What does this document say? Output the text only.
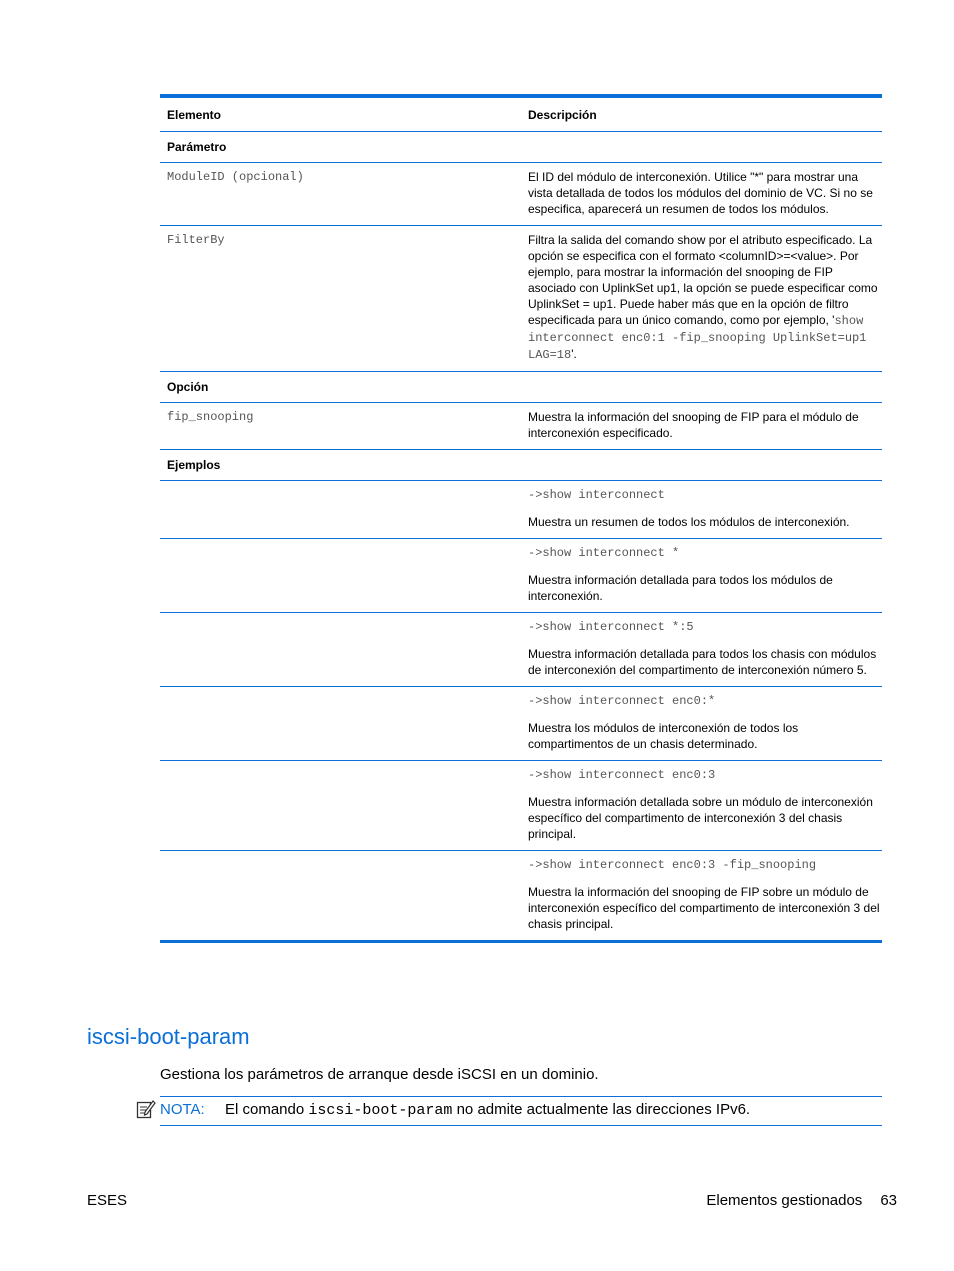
Elemento	Descripción
Parámetro
ModuleID (opcional)	El ID del módulo de interconexión. Utilice "*" para mostrar una vista detallada de todos los módulos del dominio de VC. Si no se especifica, aparecerá un resumen de todos los módulos.
FilterBy	Filtra la salida del comando show por el atributo especificado. La opción se especifica con el formato <columnID>=<value>. Por ejemplo, para mostrar la información del snooping de FIP asociado con UplinkSet up1, la opción se puede especificar como UplinkSet = up1. Puede haber más que en la opción de filtro especificada para un único comando, como por ejemplo, 'show interconnect enc0:1 -fip_snooping UplinkSet=up1 LAG=18'.
Opción
fip_snooping	Muestra la información del snooping de FIP para el módulo de interconexión especificado.
Ejemplos
->show interconnect
Muestra un resumen de todos los módulos de interconexión.
->show interconnect *
Muestra información detallada para todos los módulos de interconexión.
->show interconnect *:5
Muestra información detallada para todos los chasis con módulos de interconexión del compartimento de interconexión número 5.
->show interconnect enc0:*
Muestra los módulos de interconexión de todos los compartimentos de un chasis determinado.
->show interconnect enc0:3
Muestra información detallada sobre un módulo de interconexión específico del compartimento de interconexión 3 del chasis principal.
->show interconnect enc0:3 -fip_snooping
Muestra la información del snooping de FIP sobre un módulo de interconexión específico del compartimento de interconexión 3 del chasis principal.
iscsi-boot-param
Gestiona los parámetros de arranque desde iSCSI en un dominio.
NOTA: El comando iscsi-boot-param no admite actualmente las direcciones IPv6.
ESES	Elementos gestionados 63
